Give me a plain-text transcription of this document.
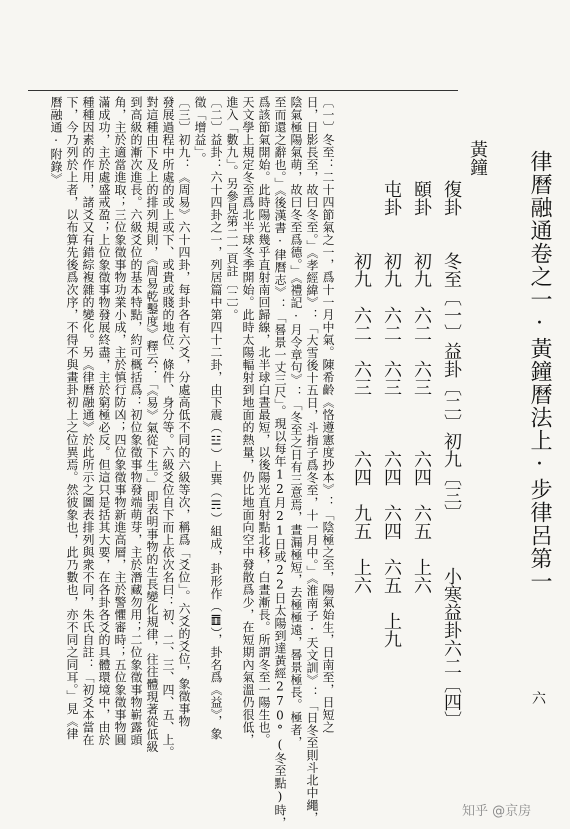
律曆融通卷之一·黃鐘曆法上·步律呂第一
六
黃鐘
復卦　　冬至〔一〕益卦〔二〕初九〔三〕　　　小寒益卦六二〔四〕
頤卦　　初九　六二　六三　　　六四　六五　上六
屯卦　　初九　六二　六三　　　六四　六四　六五　上九
　　　　初九　六二　六三　　　六四　九五　上六
〔一〕冬至：二十四節氣之一，爲十一月中氣。陳希齡《恪遵憲度抄本》：「陰極之至，陽氣始生，日南至，日短之
日，日影長至，故曰冬至。」《孝經緯》：「大雪後十五日，斗指子爲冬至，十一月中。」《淮南子·天文訓》：「日冬至則斗北中繩，
陰氣極陽氣萌，故曰冬至爲德。」《禮記·月令章句》：「冬至之日有三意焉，晝漏極短，去極極遠，晷景極長。極者，
至而還之辭也。」《後漢書·律曆志》：「晷景一丈三尺」。現以每年12月21日或22日太陽到達黃經270°(冬至點)時，
爲該節氣開始。此時陽光幾乎直射南回歸線，北半球白晝最短，以後陽光直射點北移，白晝漸長。所謂冬至一陽生也。
天文學上規定冬至爲北半球冬季開始。此時太陽輻射到地面的熱量，仍比地面向空中發散爲少，在短期內氣溫仍很低，
進入「數九」。另參見第二一頁註〔二〕。
〔二〕益卦：六十四卦之一，列居篇中第四十二卦，由下震（☳）上巽（☴）組成，卦形作（䷩），卦名爲《益》，象
徵「增益」。
〔三〕初九：《周易》六十四卦，每卦各有六爻，分處高低不同的六級等次，稱爲「爻位」。六爻的爻位，象徵事物
發展過程中所處的或上或下、或貴或賤的地位、條件、身分等。六級爻位自下而上依次名曰：初、二、三、四、五、上。
對這種由下及上的排列規則，《周易乾鑿度》釋云：「《易》氣從下生。」即表明事物的生長變化規律，往往體現著從低級
到高級的漸次進長。六級爻位的基本特點，約可概括爲：初位象徵事物發端萌芽，主於潛藏勿用；二位象徵事物嶄露頭
角，主於適當進取；三位象徵事物功業小成，主於慎行防凶；四位象徵事物新進高層，主於警懼審時；五位象徵事物圓
滿成功，主於處盛戒盈；上位象徵事物發展終盡，主於窮極必反。但這只是括其大要，在各卦各爻的具體環境中，由於
種種因素的作用，諸爻又有錯綜複雜的變化。另《律曆融通》於此所示之圖表排列與衆不同，朱氏自註：「初爻本當在
下，今乃列於上者，以布算先後爲次序，不得不與畫卦初上之位異焉。然彼象也，此乃數也，亦不同之同耳。」見《律
曆融通·附錄》
知乎 @京房
